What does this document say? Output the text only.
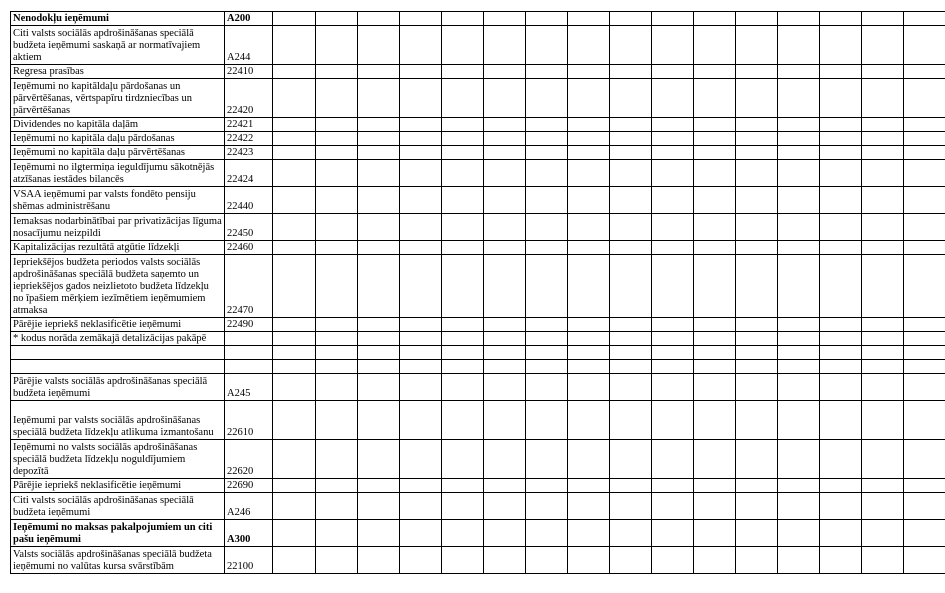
Nenodokļu ieņēmumi	A200																	
Citi valsts sociālās apdrošināšanas speciālā budžeta ieņēmumi saskaņā ar normatīvajiem aktiem	A244																	
Regresa prasības	22410																	
Ieņēmumi no kapitāldaļu pārdošanas un pārvērtēšanas, vērtspapīru tirdzniecības un pārvērtēšanas	22420																	
Dividendes no kapitāla daļām	22421																	
Ieņēmumi no kapitāla daļu pārdošanas	22422																	
Ieņēmumi no kapitāla daļu pārvērtēšanas	22423																	
Ieņēmumi no ilgtermiņa ieguldījumu sākotnējās atzīšanas iestādes bilancēs	22424																	
VSAA ieņēmumi par valsts fondēto pensiju shēmas administrēšanu	22440																	
Iemaksas nodarbinātībai par privatizācijas līguma nosacījumu neizpildi	22450																	
Kapitalizācijas rezultātā atgūtie līdzekļi	22460																	
Iepriekšējos budžeta periodos valsts sociālās apdrošināšanas speciālā budžeta saņemto un iepriekšējos gados neizlietoto budžeta līdzekļu no īpašiem mērķiem iezīmētiem ieņēmumiem atmaksa	22470																	
Pārējie iepriekš neklasificētie ieņēmumi	22490																	
* kodus norāda zemākajā detalizācijas pakāpē																		

Pārējie valsts sociālās apdrošināšanas speciālā budžeta ieņēmumi	A245																	
Ieņēmumi par valsts sociālās apdrošināšanas speciālā budžeta līdzekļu atlikuma izmantošanu	22610																	
Ieņēmumi no valsts sociālās apdrošināšanas speciālā budžeta līdzekļu noguldījumiem depozītā	22620																	
Pārējie iepriekš neklasificētie ieņēmumi	22690																	
Citi valsts sociālās apdrošināšanas speciālā budžeta ieņēmumi	A246																	
Ieņēmumi no maksas pakalpojumiem un citi pašu ieņēmumi	A300																	
Valsts sociālās apdrošināšanas speciālā budžeta ieņēmumi no valūtas kursa svārstībām	22100																	
